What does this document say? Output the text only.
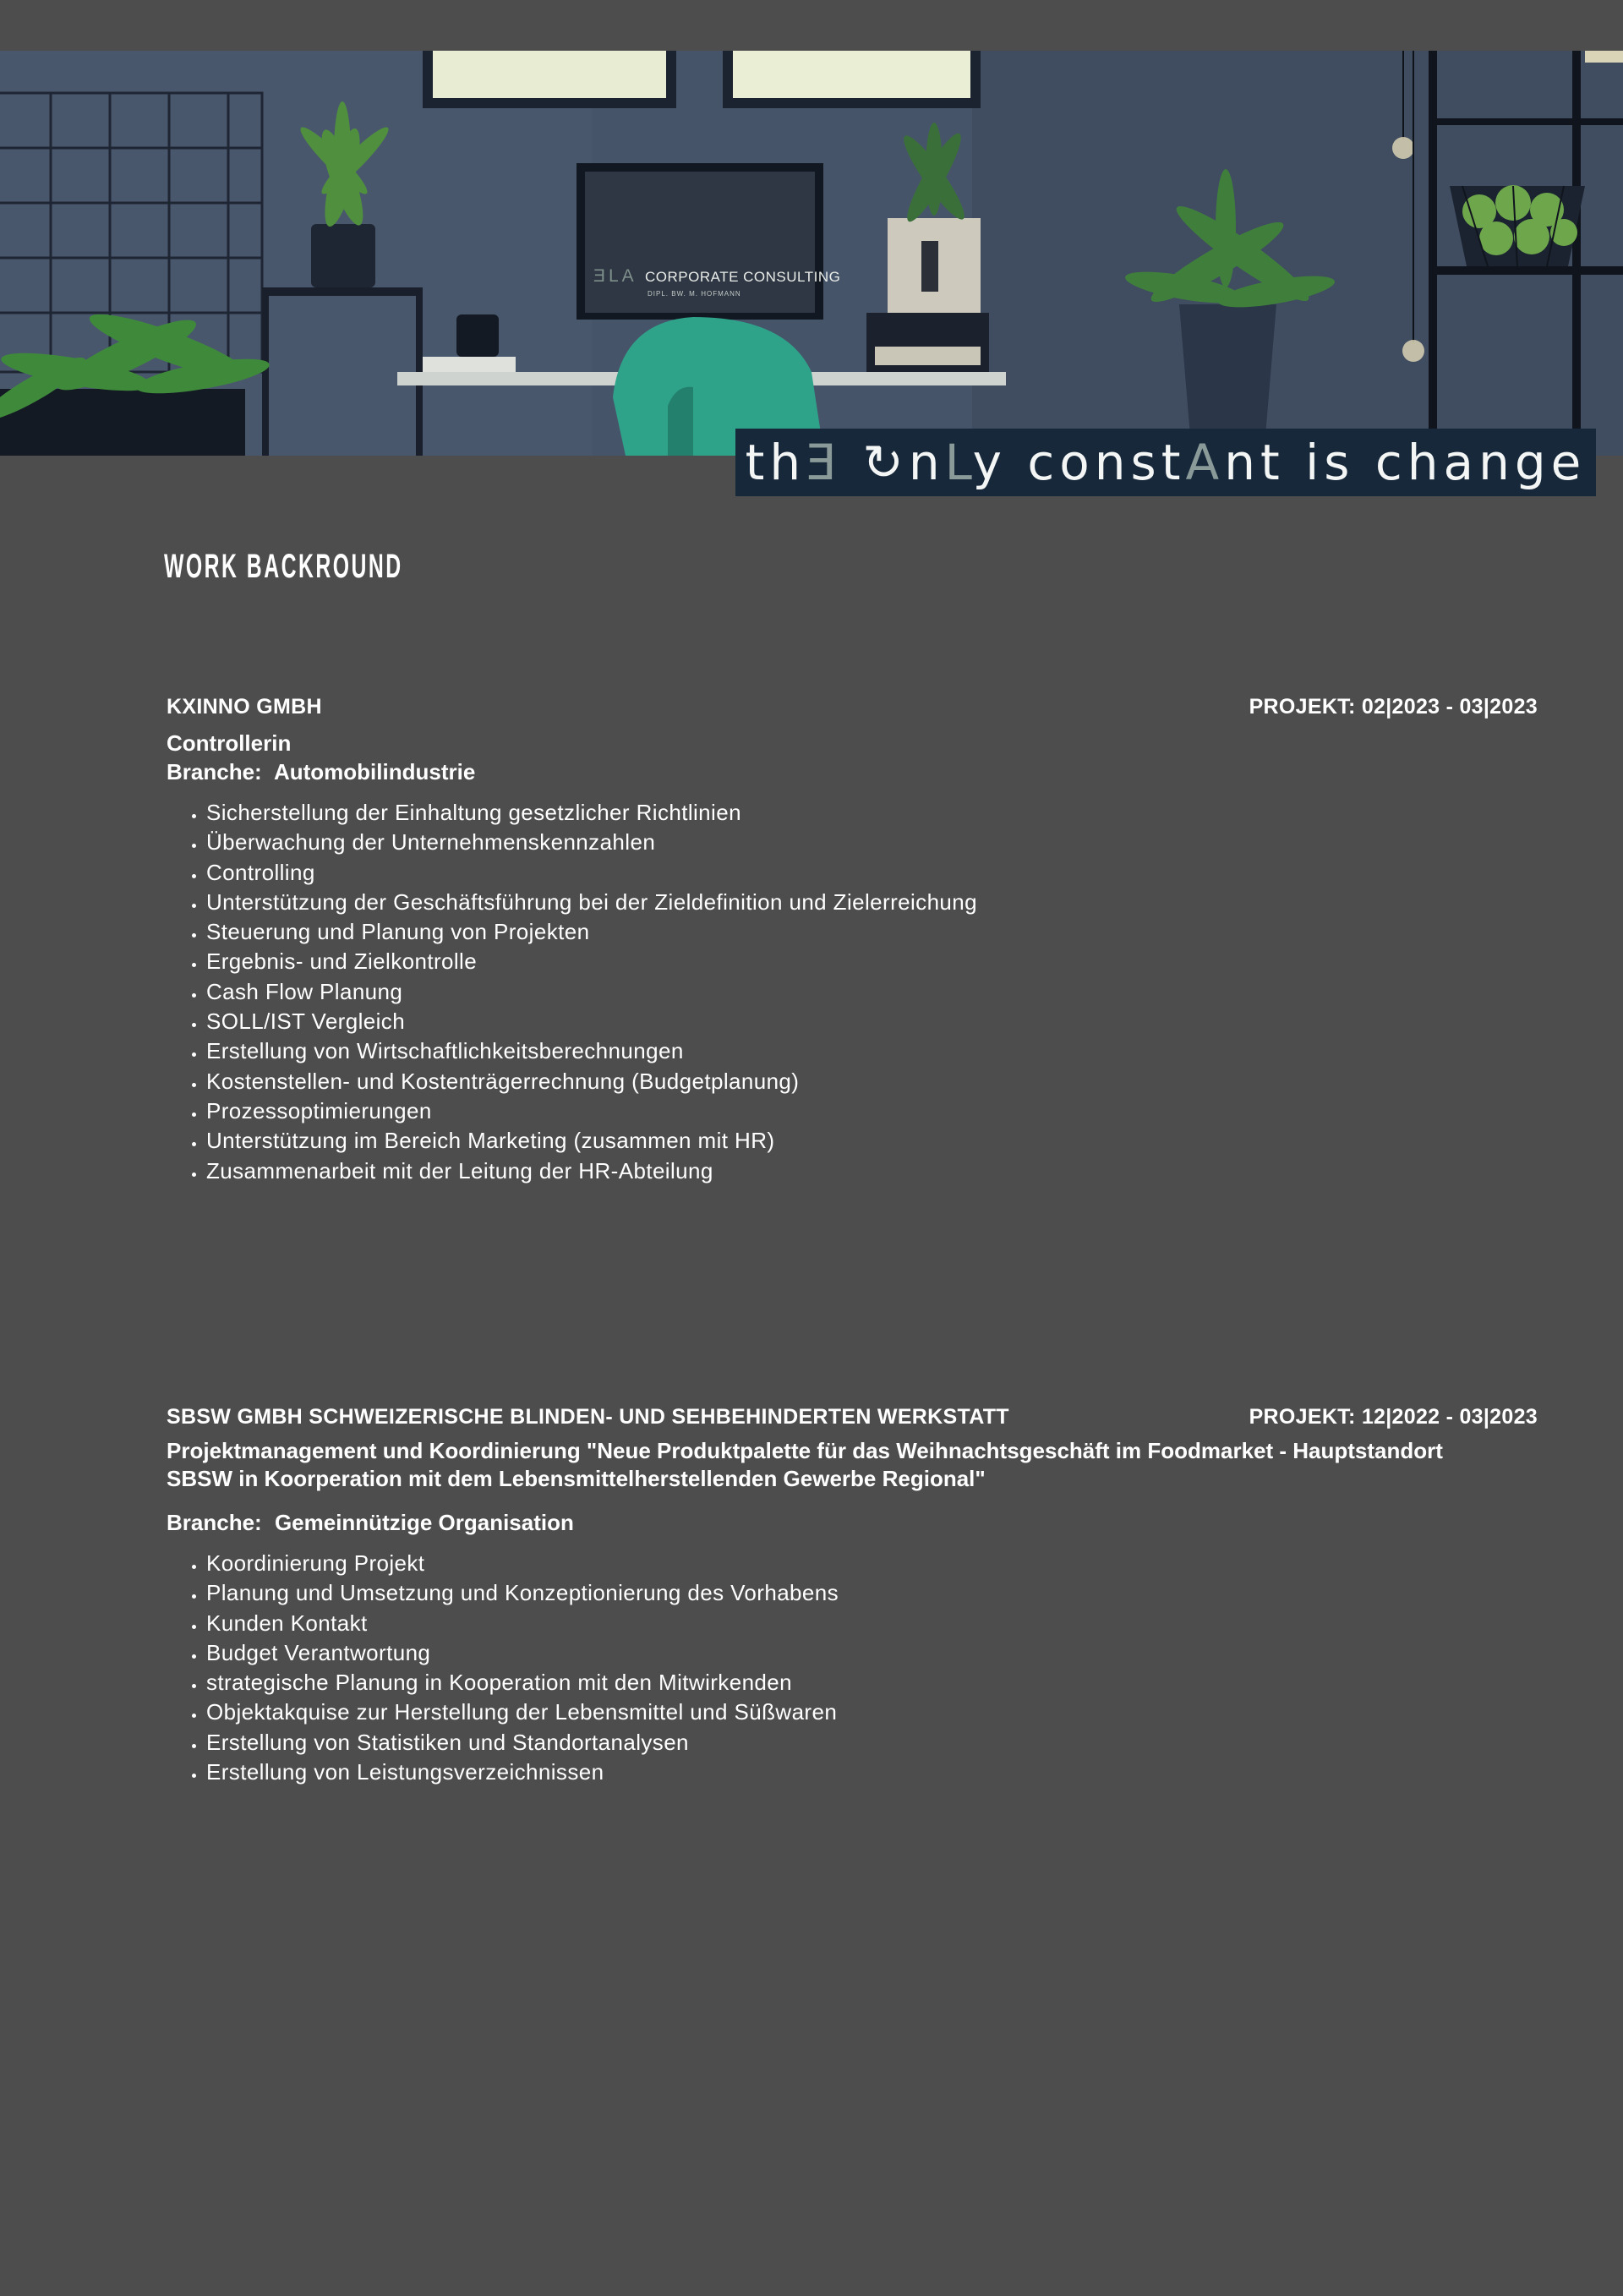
ƎLA CORPORATE CONSULTING
DIPL. BW. M. HOFMANN
thƎ ↻nLy constAnt is change
WORK BACKROUND
KXINNO GMBH	PROJEKT: 02|2023 - 03|2023
Controllerin
Branche: Automobilindustrie
• Sicherstellung der Einhaltung gesetzlicher Richtlinien
• Überwachung der Unternehmenskennzahlen
• Controlling
• Unterstützung der Geschäftsführung bei der Zieldefinition und Zielerreichung
• Steuerung und Planung von Projekten
• Ergebnis- und Zielkontrolle
• Cash Flow Planung
• SOLL/IST Vergleich
• Erstellung von Wirtschaftlichkeitsberechnungen
• Kostenstellen- und Kostenträgerrechnung (Budgetplanung)
• Prozessoptimierungen
• Unterstützung im Bereich Marketing (zusammen mit HR)
• Zusammenarbeit mit der Leitung der HR-Abteilung
SBSW GMBH SCHWEIZERISCHE BLINDEN- UND SEHBEHINDERTEN WERKSTATT	PROJEKT: 12|2022 - 03|2023
Projektmanagement und Koordinierung "Neue Produktpalette für das Weihnachtsgeschäft im Foodmarket - Hauptstandort SBSW in Koorperation mit dem Lebensmittelherstellenden Gewerbe Regional"
Branche: Gemeinnützige Organisation
• Koordinierung Projekt
• Planung und Umsetzung und Konzeptionierung des Vorhabens
• Kunden Kontakt
• Budget Verantwortung
• strategische Planung in Kooperation mit den Mitwirkenden
• Objektakquise zur Herstellung der Lebensmittel und Süßwaren
• Erstellung von Statistiken und Standortanalysen
• Erstellung von Leistungsverzeichnissen
